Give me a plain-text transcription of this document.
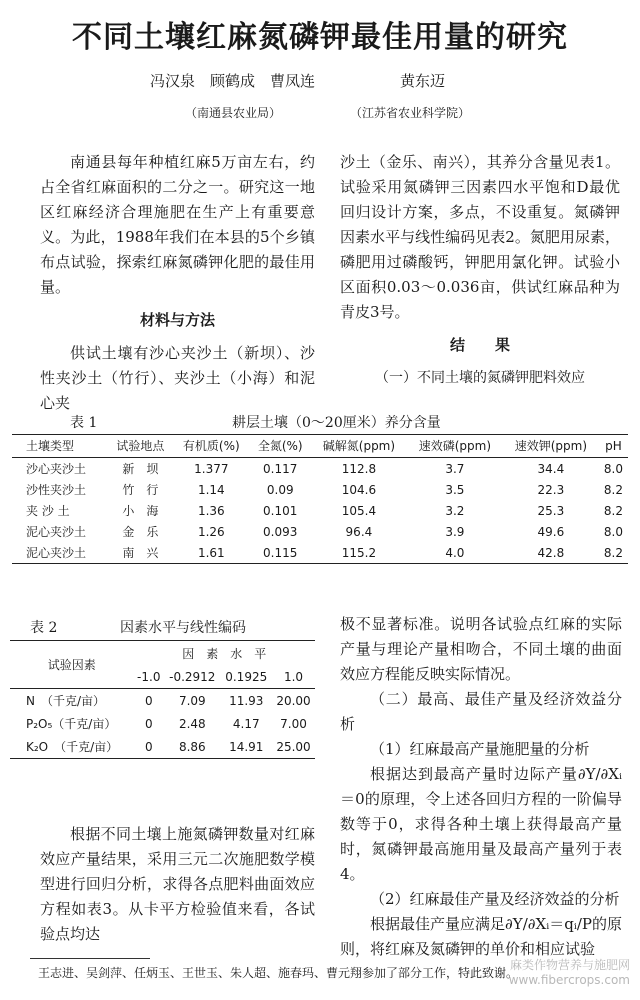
不同土壤红麻氮磷钾最佳用量的研究
冯汉泉　顾鹤成　曹凤连	黄东迈
（南通县农业局）	（江苏省农业科学院）

南通县每年种植红麻5万亩左右，约占全省红麻面积的二分之一。研究这一地区红麻经济合理施肥在生产上有重要意义。为此，1988年我们在本县的5个乡镇布点试验，探索红麻氮磷钾化肥的最佳用量。

材料与方法

供试土壤有沙心夹沙土（新坝）、沙性夹沙土（竹行）、夹沙土（小海）和泥心夹

沙土（金乐、南兴），其养分含量见表1。试验采用氮磷钾三因素四水平饱和D最优回归设计方案，多点，不设重复。氮磷钾因素水平与线性编码见表2。氮肥用尿素，磷肥用过磷酸钙，钾肥用氯化钾。试验小区面积0.03～0.036亩，供试红麻品种为青皮3号。

结　　果

（一）不同土壤的氮磷钾肥料效应

表 1	耕层土壤（0～20厘米）养分含量
土壤类型	试验地点	有机质(%)	全氮(%)	碱解氮(ppm)	速效磷(ppm)	速效钾(ppm)	pH
沙心夹沙土	新　坝	1.377	0.117	112.8	3.7	34.4	8.0
沙性夹沙土	竹　行	1.14	0.09	104.6	3.5	22.3	8.2
夹 沙 土	小　海	1.36	0.101	105.4	3.2	25.3	8.2
泥心夹沙土	金　乐	1.26	0.093	96.4	3.9	49.6	8.0
泥心夹沙土	南　兴	1.61	0.115	115.2	4.0	42.8	8.2
表 2	因素水平与线性编码
试验因素	因　素　水　平			
	-1.0	-0.2912	0.1925	1.0
N　（千克/亩）	0	7.09	11.93	20.00
P₂O₅（千克/亩）	0	2.48	4.17	7.00
K₂O　（千克/亩）	0	8.86	14.91	25.00

根据不同土壤上施氮磷钾数量对红麻效应产量结果，采用三元二次施肥数学模型进行回归分析，求得各点肥料曲面效应方程如表3。从卡平方检验值来看，各试验点均达

极不显著标准。说明各试验点红麻的实际产量与理论产量相吻合，不同土壤的曲面效应方程能反映实际情况。

（二）最高、最佳产量及经济效益分析

（1）红麻最高产量施肥量的分析

根据达到最高产量时边际产量∂Y/∂Xᵢ＝0的原理，令上述各回归方程的一阶偏导数等于0，求得各种土壤上获得最高产量时，氮磷钾最高施用量及最高产量列于表4。

（2）红麻最佳产量及经济效益的分析

根据最佳产量应满足∂Y/∂Xᵢ＝qᵢ/P的原则，将红麻及氮磷钾的单价和相应试验

王志进、吴剑萍、任炳玉、王世玉、朱人超、施春玛、曹元翔参加了部分工作，特此致谢。
麻类作物营养与施肥网
www.fibercrops.com
